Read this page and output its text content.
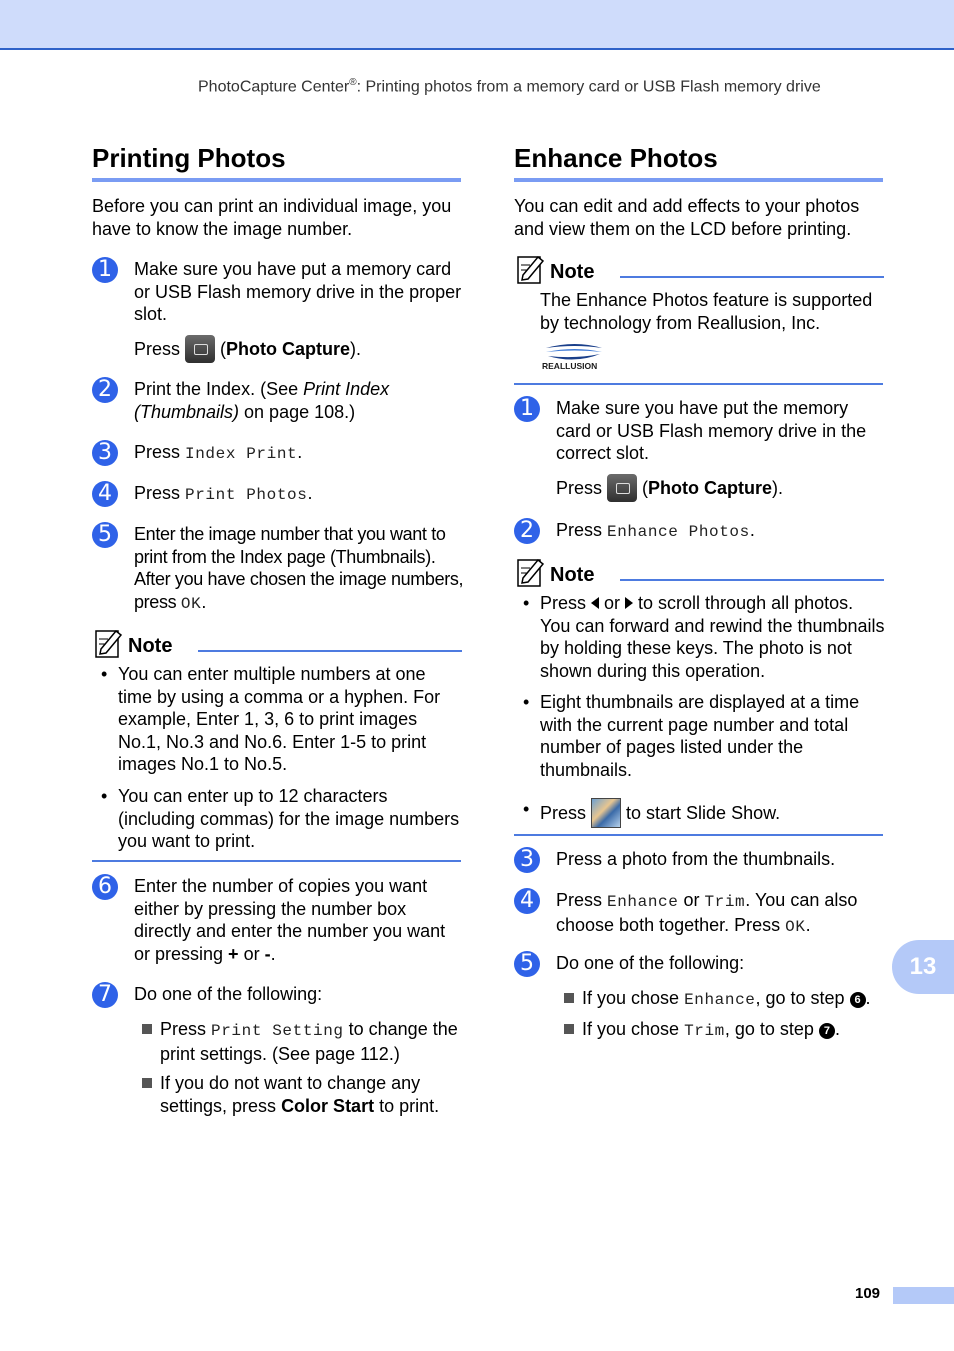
PhotoCapture Center®: Printing photos from a memory card or USB Flash memory drive
Printing Photos
Before you can print an individual image, you have to know the image number.
1	Make sure you have put a memory card or USB Flash memory drive in the proper slot.
Press (Photo Capture).
2	Print the Index. (See Print Index (Thumbnails) on page 108.)
3	Press Index Print.
4	Press Print Photos.
5	Enter the image number that you want to print from the Index page (Thumbnails). After you have chosen the image numbers, press OK.
Note
• You can enter multiple numbers at one time by using a comma or a hyphen. For example, Enter 1, 3, 6 to print images No.1, No.3 and No.6. Enter 1-5 to print images No.1 to No.5.
• You can enter up to 12 characters (including commas) for the image numbers you want to print.
6	Enter the number of copies you want either by pressing the number box directly and enter the number you want or pressing + or -.
7	Do one of the following:
Press Print Setting to change the print settings. (See page 112.)
If you do not want to change any settings, press Color Start to print.
Enhance Photos
You can edit and add effects to your photos and view them on the LCD before printing.
Note
The Enhance Photos feature is supported by technology from Reallusion, Inc.
REALLUSION
1	Make sure you have put the memory card or USB Flash memory drive in the correct slot.
Press (Photo Capture).
2	Press Enhance Photos.
Note
• Press  or  to scroll through all photos. You can forward and rewind the thumbnails by holding these keys. The photo is not shown during this operation.
• Eight thumbnails are displayed at a time with the current page number and total number of pages listed under the thumbnails.
• Press  to start Slide Show.
3	Press a photo from the thumbnails.
4	Press Enhance or Trim. You can also choose both together. Press OK.
5	Do one of the following:
If you chose Enhance, go to step 6 .
If you chose Trim, go to step 7 .
13
109
